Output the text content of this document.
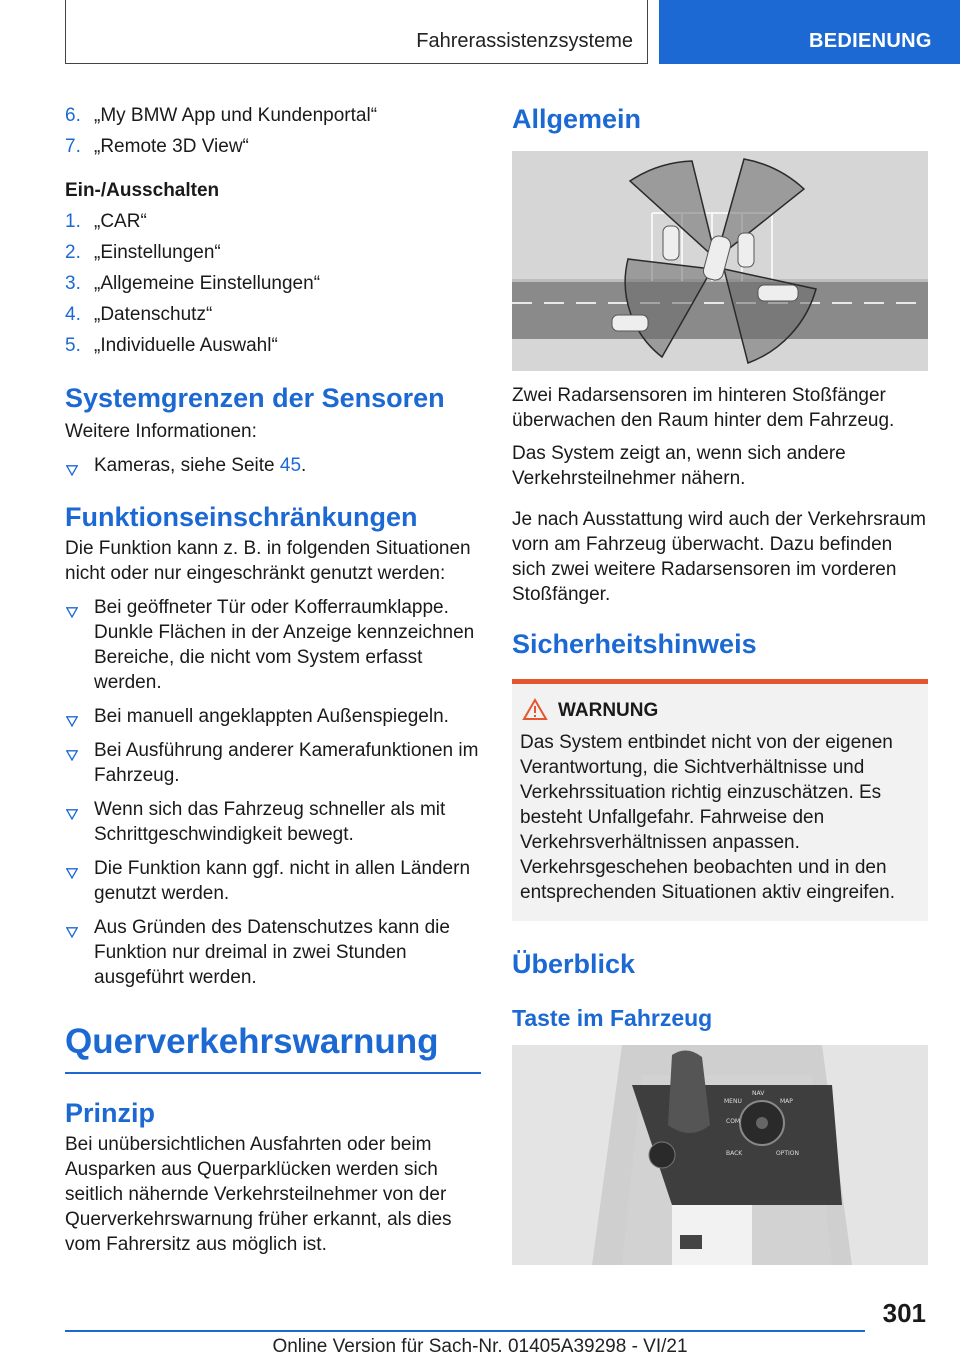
Fahrerassistenzsysteme	BEDIENUNG
6. „My BMW App und Kundenportal“
7. „Remote 3D View“
Ein-/Ausschalten
1. „CAR“
2. „Einstellungen“
3. „Allgemeine Einstellungen“
4. „Datenschutz“
5. „Individuelle Auswahl“
Systemgrenzen der Sensoren
Weitere Informationen:
Kameras, siehe Seite 45.
Funktionseinschränkungen
Die Funktion kann z. B. in folgenden Situationen nicht oder nur eingeschränkt genutzt werden:
Bei geöffneter Tür oder Kofferraumklappe. Dunkle Flächen in der Anzeige kennzeichnen Bereiche, die nicht vom System erfasst werden.
Bei manuell angeklappten Außenspiegeln.
Bei Ausführung anderer Kamerafunktionen im Fahrzeug.
Wenn sich das Fahrzeug schneller als mit Schrittgeschwindigkeit bewegt.
Die Funktion kann ggf. nicht in allen Ländern genutzt werden.
Aus Gründen des Datenschutzes kann die Funktion nur dreimal in zwei Stunden ausgeführt werden.
Querverkehrswarnung
Prinzip
Bei unübersichtlichen Ausfahrten oder beim Ausparken aus Querparklücken werden sich seitlich nähernde Verkehrsteilnehmer von der Querverkehrswarnung früher erkannt, als dies vom Fahrersitz aus möglich ist.
Allgemein
Zwei Radarsensoren im hinteren Stoßfänger überwachen den Raum hinter dem Fahrzeug.
Das System zeigt an, wenn sich andere Verkehrsteilnehmer nähern.
Je nach Ausstattung wird auch der Verkehrsraum vorn am Fahrzeug überwacht. Dazu befinden sich zwei weitere Radarsensoren im vorderen Stoßfänger.
Sicherheitshinweis
WARNUNG
Das System entbindet nicht von der eigenen Verantwortung, die Sichtverhältnisse und Verkehrssituation richtig einzuschätzen. Es besteht Unfallgefahr. Fahrweise den Verkehrsverhältnissen anpassen. Verkehrsgeschehen beobachten und in den entsprechenden Situationen aktiv eingreifen.
Überblick
Taste im Fahrzeug
MENU
COM
BACK	OPTION
NAV
MAP
301
Online Version für Sach-Nr. 01405A39298 - VI/21
